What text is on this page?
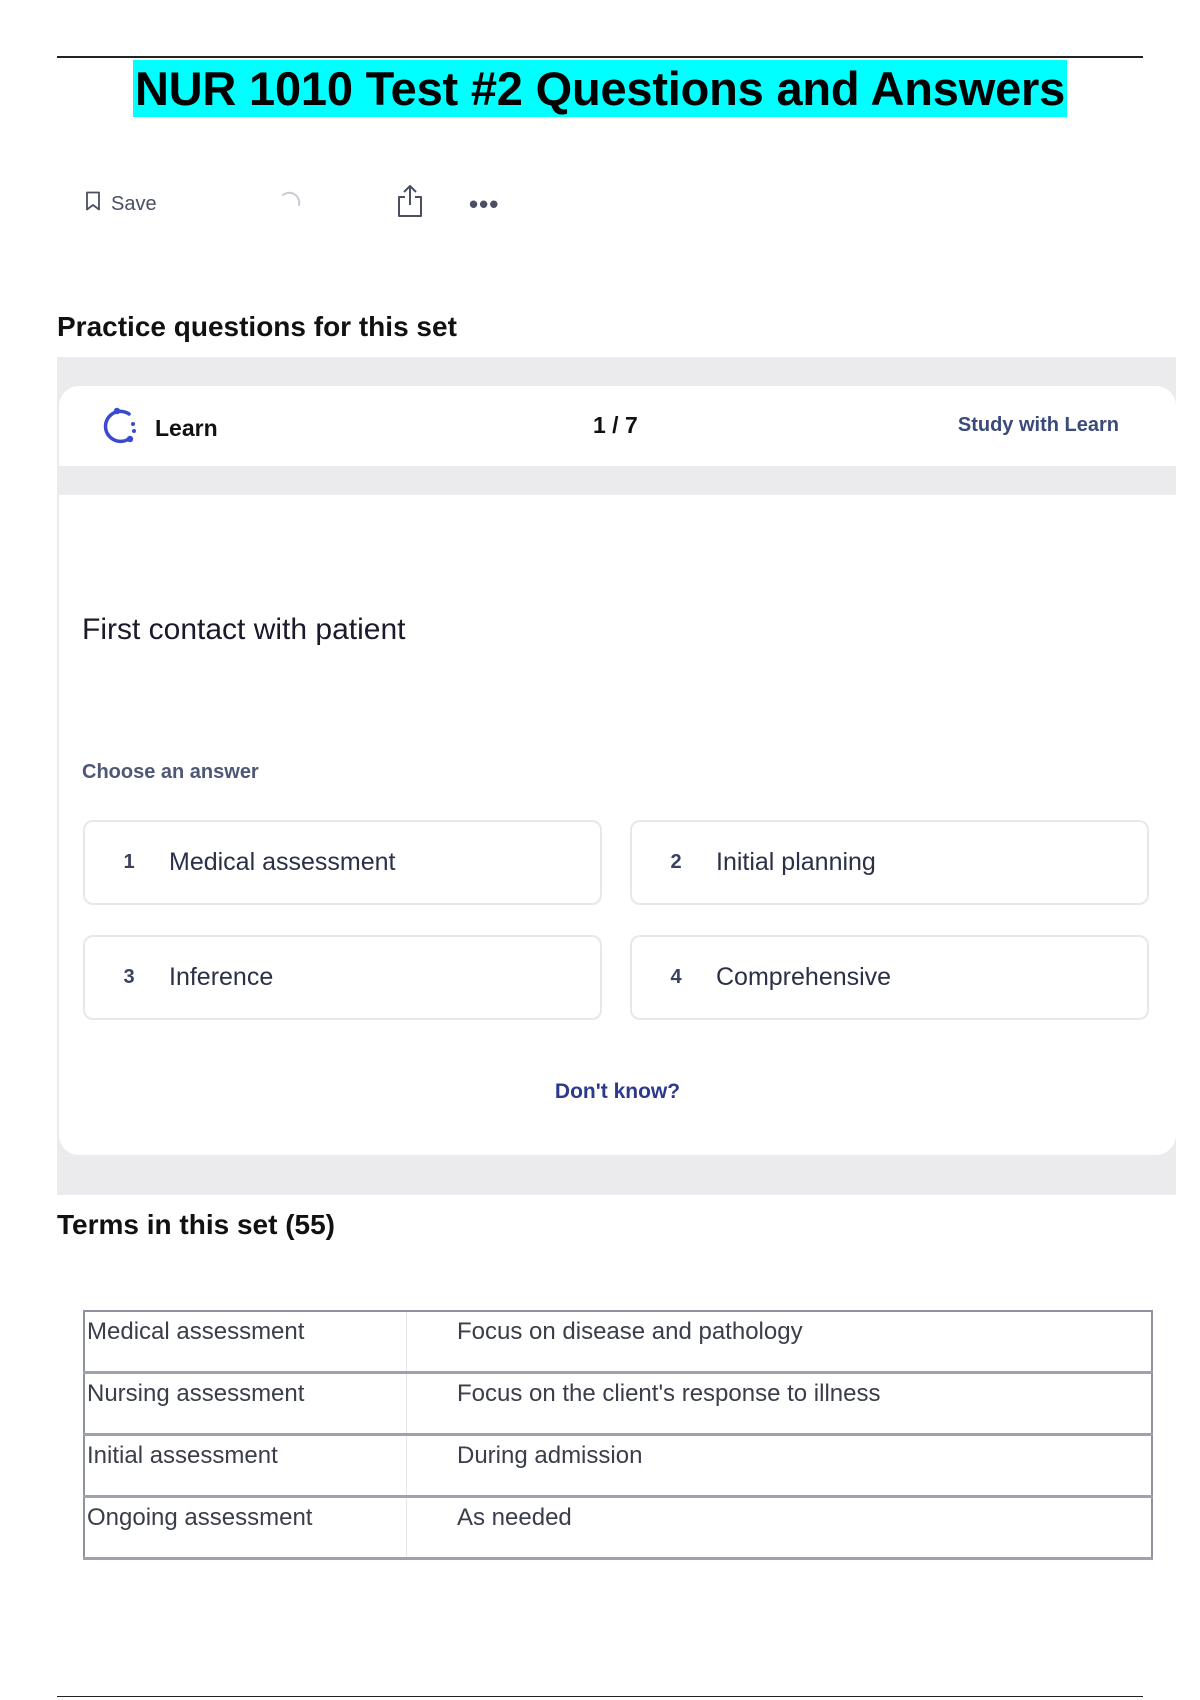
NUR 1010 Test #2 Questions and Answers
Save	•••
Practice questions for this set
Learn	1 / 7	Study with Learn
First contact with patient
Choose an answer
1	Medical assessment	2	Initial planning
3	Inference	4	Comprehensive
Don't know?
Terms in this set (55)
Medical assessment	Focus on disease and pathology
Nursing assessment	Focus on the client's response to illness
Initial assessment	During admission
Ongoing assessment	As needed
